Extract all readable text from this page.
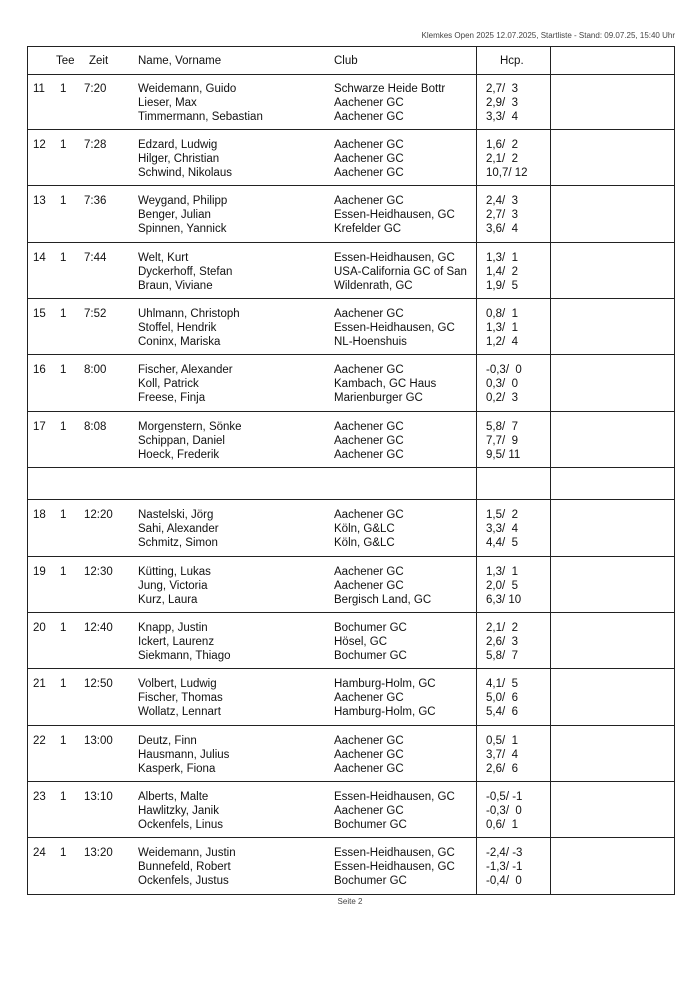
Klemkes Open 2025 12.07.2025, Startliste - Stand: 09.07.25, 15:40 Uhr
Tee Zeit	Name, Vorname	Club	Hcp.
11 1 7:20	Weidemann, Guido	Schwarze Heide Bottr	2,7/  3
Lieser, Max	Aachener GC	2,9/  3
Timmermann, Sebastian	Aachener GC	3,3/  4
12 1 7:28	Edzard, Ludwig	Aachener GC	1,6/  2
Hilger, Christian	Aachener GC	2,1/  2
Schwind, Nikolaus	Aachener GC	10,7/ 12
13 1 7:36	Weygand, Philipp	Aachener GC	2,4/  3
Benger, Julian	Essen-Heidhausen, GC	2,7/  3
Spinnen, Yannick	Krefelder GC	3,6/  4
14 1 7:44	Welt, Kurt	Essen-Heidhausen, GC	1,3/  1
Dyckerhoff, Stefan	USA-California GC of San 1,4/  2
Braun, Viviane	Wildenrath, GC	1,9/  5
15 1 7:52	Uhlmann, Christoph	Aachener GC	0,8/  1
Stoffel, Hendrik	Essen-Heidhausen, GC	1,3/  1
Coninx, Mariska	NL-Hoenshuis	1,2/  4
16 1 8:00	Fischer, Alexander	Aachener GC	-0,3/  0
Koll, Patrick	Kambach, GC Haus	0,3/  0
Freese, Finja	Marienburger GC	0,2/  3
17 1 8:08	Morgenstern, Sönke	Aachener GC	5,8/  7
Schippan, Daniel	Aachener GC	7,7/  9
Hoeck, Frederik	Aachener GC	9,5/ 11
18 1 12:20 Nastelski, Jörg	Aachener GC	1,5/  2
Sahi, Alexander	Köln, G&LC	3,3/  4
Schmitz, Simon	Köln, G&LC	4,4/  5
19 1 12:30 Kütting, Lukas	Aachener GC	1,3/  1
Jung, Victoria	Aachener GC	2,0/  5
Kurz, Laura	Bergisch Land, GC	6,3/ 10
20 1 12:40 Knapp, Justin	Bochumer GC	2,1/  2
Ickert, Laurenz	Hösel, GC	2,6/  3
Siekmann, Thiago	Bochumer GC	5,8/  7
21 1 12:50 Volbert, Ludwig	Hamburg-Holm, GC	4,1/  5
Fischer, Thomas	Aachener GC	5,0/  6
Wollatz, Lennart	Hamburg-Holm, GC	5,4/  6
22 1 13:00 Deutz, Finn	Aachener GC	0,5/  1
Hausmann, Julius	Aachener GC	3,7/  4
Kasperk, Fiona	Aachener GC	2,6/  6
23 1 13:10 Alberts, Malte	Essen-Heidhausen, GC	-0,5/ -1
Hawlitzky, Janik	Aachener GC	-0,3/  0
Ockenfels, Linus	Bochumer GC	0,6/  1
24 1 13:20 Weidemann, Justin	Essen-Heidhausen, GC	-2,4/ -3
Bunnefeld, Robert	Essen-Heidhausen, GC	-1,3/ -1
Ockenfels, Justus	Bochumer GC	-0,4/  0
Seite 2
